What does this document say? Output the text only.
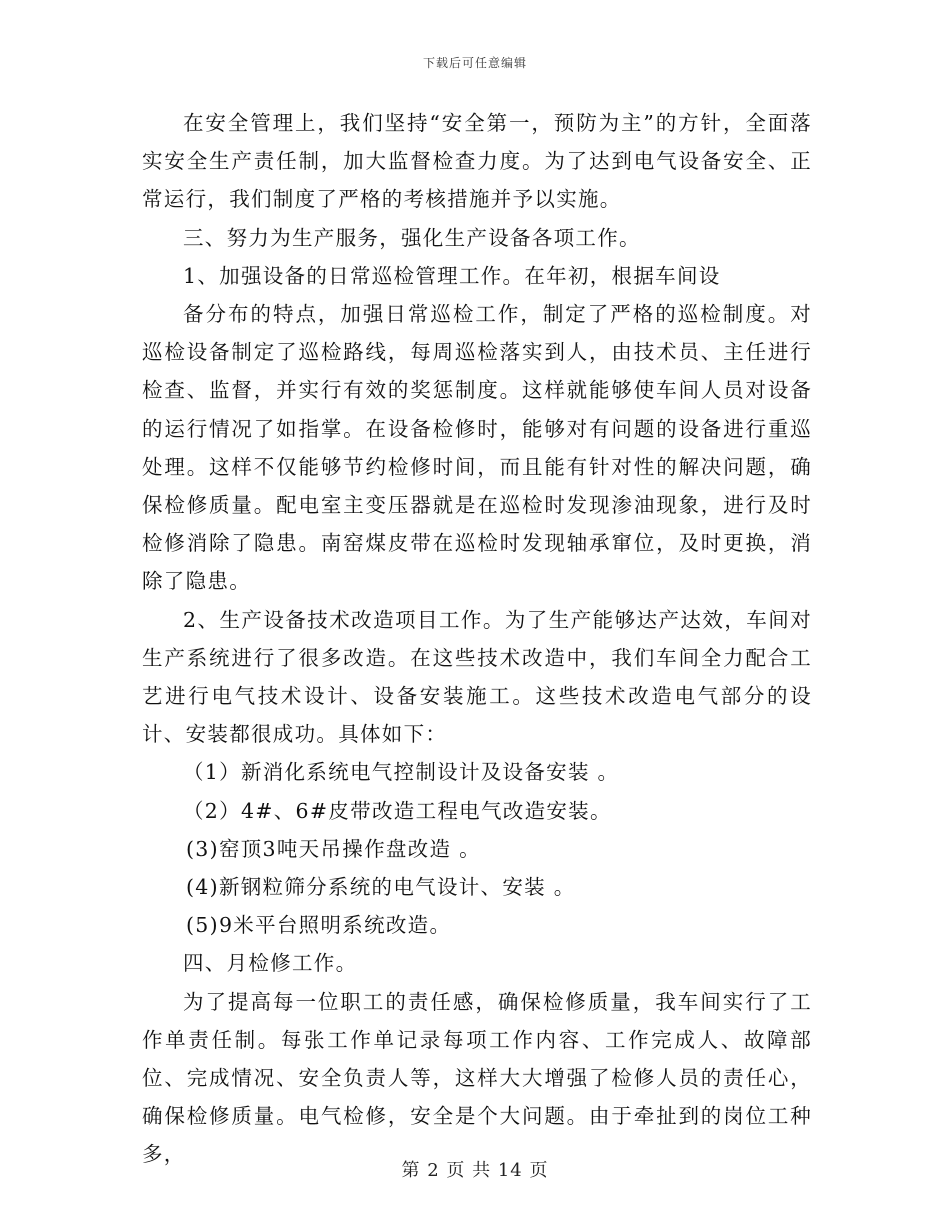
下载后可任意编辑

在安全管理上，我们坚持“安全第一，预防为主”的方针，全面落实安全生产责任制，加大监督检查力度。为了达到电气设备安全、正常运行，我们制度了严格的考核措施并予以实施。

三、努力为生产服务，强化生产设备各项工作。

1、加强设备的日常巡检管理工作。在年初，根据车间设

备分布的特点，加强日常巡检工作，制定了严格的巡检制度。对巡检设备制定了巡检路线，每周巡检落实到人，由技术员、主任进行检查、监督，并实行有效的奖惩制度。这样就能够使车间人员对设备的运行情况了如指掌。在设备检修时，能够对有问题的设备进行重巡处理。这样不仅能够节约检修时间，而且能有针对性的解决问题，确保检修质量。配电室主变压器就是在巡检时发现渗油现象，进行及时检修消除了隐患。南窑煤皮带在巡检时发现轴承窜位，及时更换，消除了隐患。

2、生产设备技术改造项目工作。为了生产能够达产达效，车间对生产系统进行了很多改造。在这些技术改造中，我们车间全力配合工艺进行电气技术设计、设备安装施工。这些技术改造电气部分的设计、安装都很成功。具体如下：

（1）新消化系统电气控制设计及设备安装 。

（2）4#、6#皮带改造工程电气改造安装。

(3)窑顶3吨天吊操作盘改造 。

(4)新钢粒筛分系统的电气设计、安装 。

(5)9米平台照明系统改造。

四、月检修工作。

为了提高每一位职工的责任感，确保检修质量，我车间实行了工作单责任制。每张工作单记录每项工作内容、工作完成人、故障部位、完成情况、安全负责人等，这样大大增强了检修人员的责任心，确保检修质量。电气检修，安全是个大问题。由于牵扯到的岗位工种多，

第 2 页 共 14 页
